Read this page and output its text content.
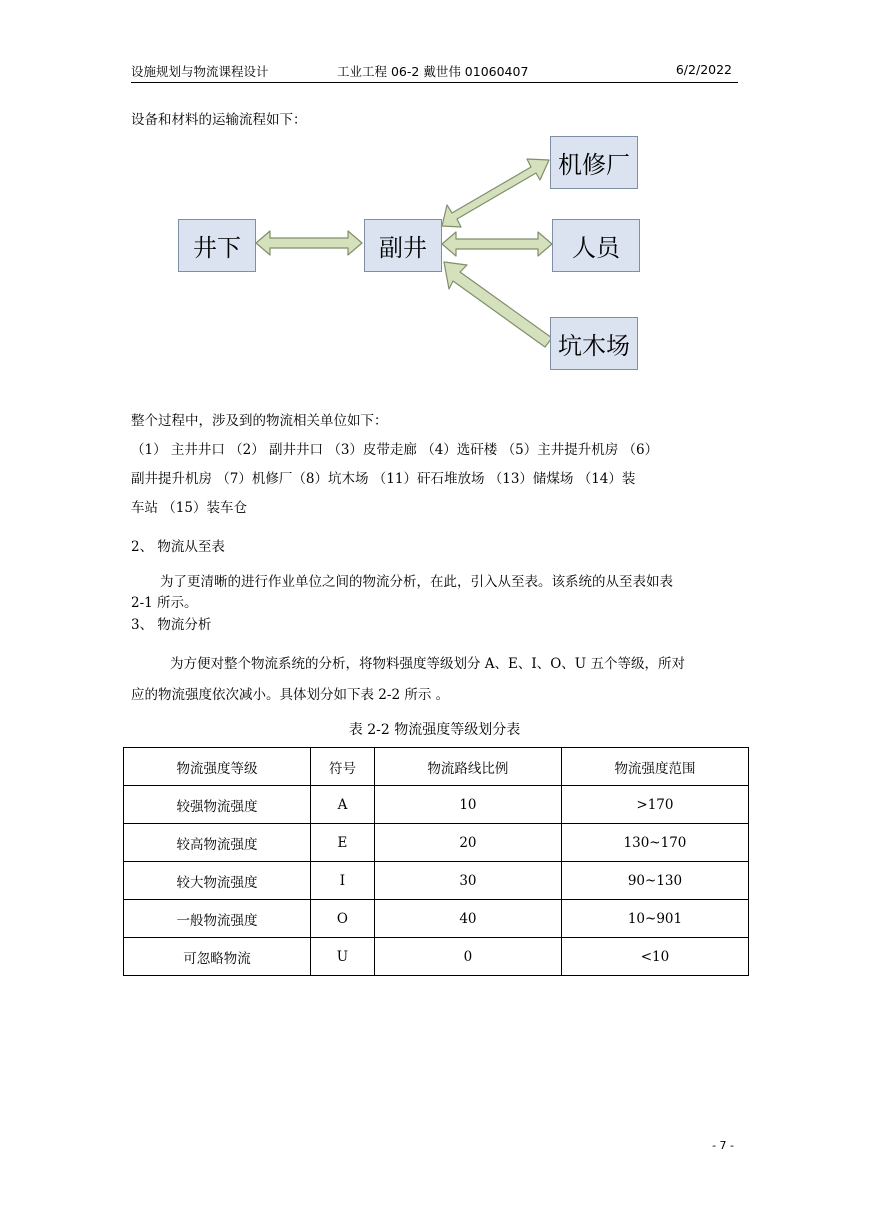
设施规划与物流课程设计	工业工程 06-2 戴世伟 01060407	6/2/2022
设备和材料的运输流程如下：
井下	副井
机修厂
人员
坑木场
整个过程中，涉及到的物流相关单位如下：
（1） 主井井口 （2） 副井井口 （3）皮带走廊 （4）选矸楼 （5）主井提升机房 （6）
副井提升机房 （7）机修厂（8）坑木场 （11）矸石堆放场 （13）储煤场 （14）装
车站 （15）装车仓
2、 物流从至表
为了更清晰的进行作业单位之间的物流分析，在此，引入从至表。该系统的从至表如表
2-1 所示。
3、 物流分析
为方便对整个物流系统的分析，将物料强度等级划分 A、E、I、O、U 五个等级，所对
应的物流强度依次减小。具体划分如下表 2-2 所示 。
表 2-2 物流强度等级划分表
物流强度等级	符号	物流路线比例	物流强度范围
较强物流强度	A	10	>170
较高物流强度	E	20	130~170
较大物流强度	I	30	90~130
一般物流强度	O	40	10~901
可忽略物流	U	0	<10
- 7 -
